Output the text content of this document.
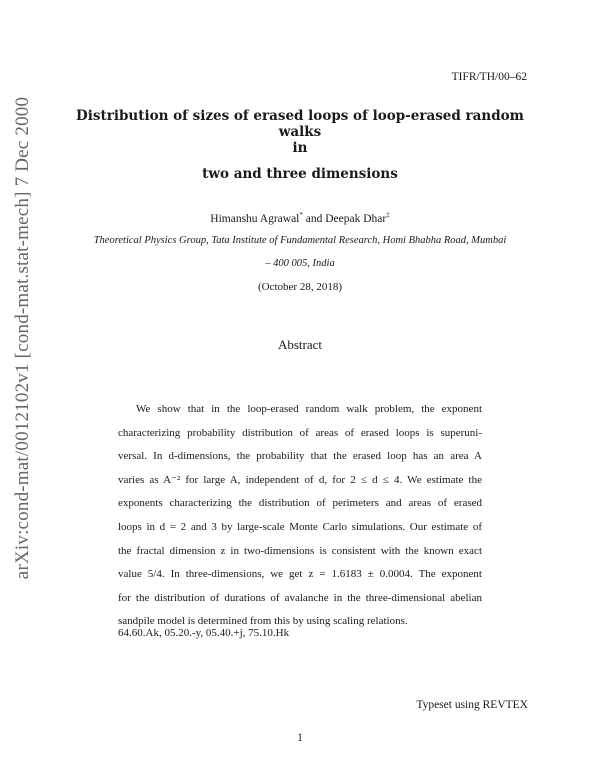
arXiv:cond-mat/0012102v1 [cond-mat.stat-mech] 7 Dec 2000
TIFR/TH/00–62
Distribution of sizes of erased loops of loop-erased random walks
in
two and three dimensions
Himanshu Agrawal* and Deepak Dhar‡
Theoretical Physics Group, Tata Institute of Fundamental Research, Homi Bhabha Road, Mumbai
– 400 005, India
(October 28, 2018)
Abstract
We show that in the loop-erased random walk problem, the exponent
characterizing probability distribution of areas of erased loops is superuni-
versal. In d-dimensions, the probability that the erased loop has an area A
varies as A⁻² for large A, independent of d, for 2 ≤ d ≤ 4. We estimate the
exponents characterizing the distribution of perimeters and areas of erased
loops in d = 2 and 3 by large-scale Monte Carlo simulations. Our estimate of
the fractal dimension z in two-dimensions is consistent with the known exact
value 5/4. In three-dimensions, we get z = 1.6183 ± 0.0004. The exponent
for the distribution of durations of avalanche in the three-dimensional abelian
sandpile model is determined from this by using scaling relations.
64.60.Ak, 05.20.-y, 05.40.+j, 75.10.Hk
Typeset using REVTEX
1
